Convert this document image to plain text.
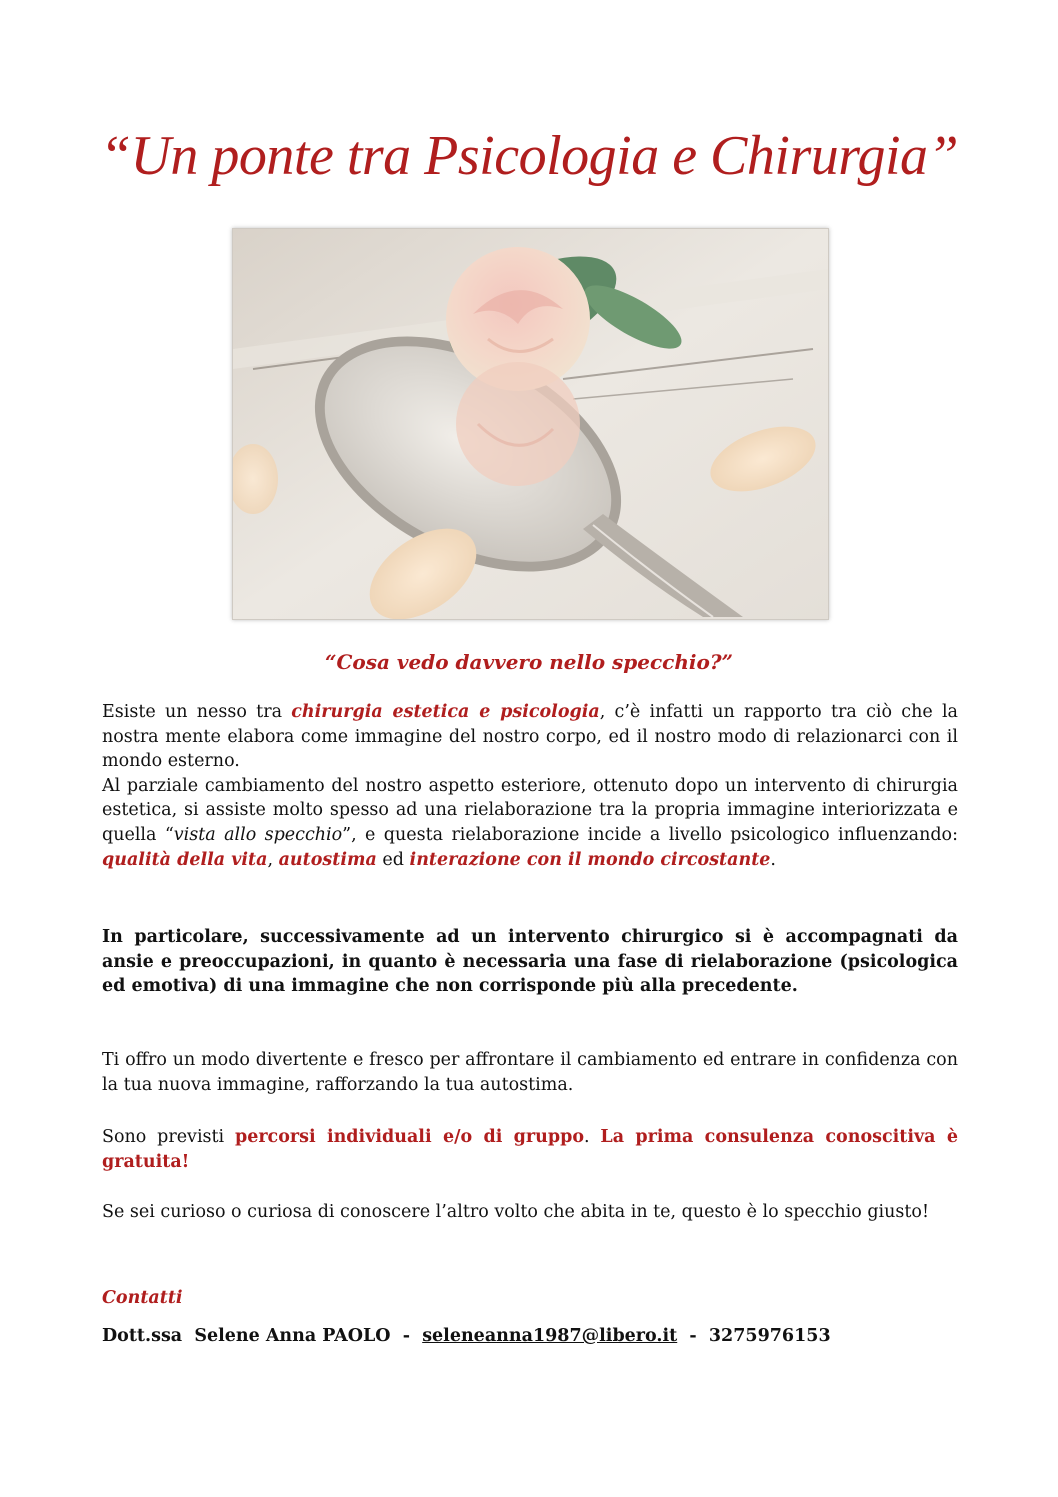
“Un ponte tra Psicologia e Chirurgia”
“Cosa vedo davvero nello specchio?”
Esiste un nesso tra chirurgia estetica e psicologia, c’è infatti un rapporto tra ciò che la nostra mente elabora come immagine del nostro corpo, ed il nostro modo di relazionarci con il mondo esterno.
Al parziale cambiamento del nostro aspetto esteriore, ottenuto dopo un intervento di chirurgia estetica, si assiste molto spesso ad una rielaborazione tra la propria immagine interiorizzata e quella “vista allo specchio”, e questa rielaborazione incide a livello psicologico influenzando: qualità della vita, autostima ed interazione con il mondo circostante.
In particolare, successivamente ad un intervento chirurgico si è accompagnati da ansie e preoccupazioni, in quanto è necessaria una fase di rielaborazione (psicologica ed emotiva) di una immagine che non corrisponde più alla precedente.
Ti offro un modo divertente e fresco per affrontare il cambiamento ed entrare in confidenza con la tua nuova immagine, rafforzando la tua autostima.
Sono previsti percorsi individuali e/o di gruppo. La prima consulenza conoscitiva è gratuita!
Se sei curioso o curiosa di conoscere l’altro volto che abita in te, questo è lo specchio giusto!
Contatti
Dott.ssa  Selene Anna PAOLO  -  seleneanna1987@libero.it  -  3275976153
